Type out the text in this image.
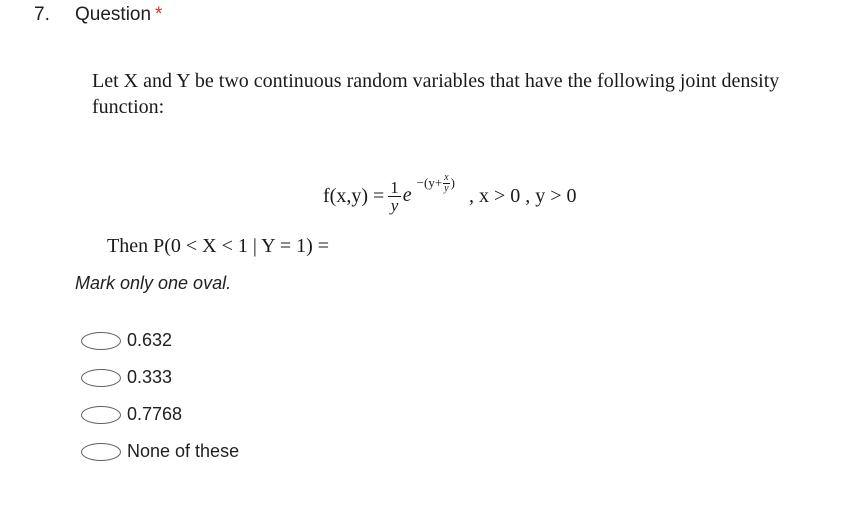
7. Question *
Let X and Y be two continuous random variables that have the following joint density function:
$f(x,y) = \frac{1}{y}$ e
$-(y+ \frac{x}{y}$ )
, x > 0 , y > 0
Then P(0 < X < 1 | Y = 1) =
Mark only one oval.
0.632
0.333
0.7768
None of these
